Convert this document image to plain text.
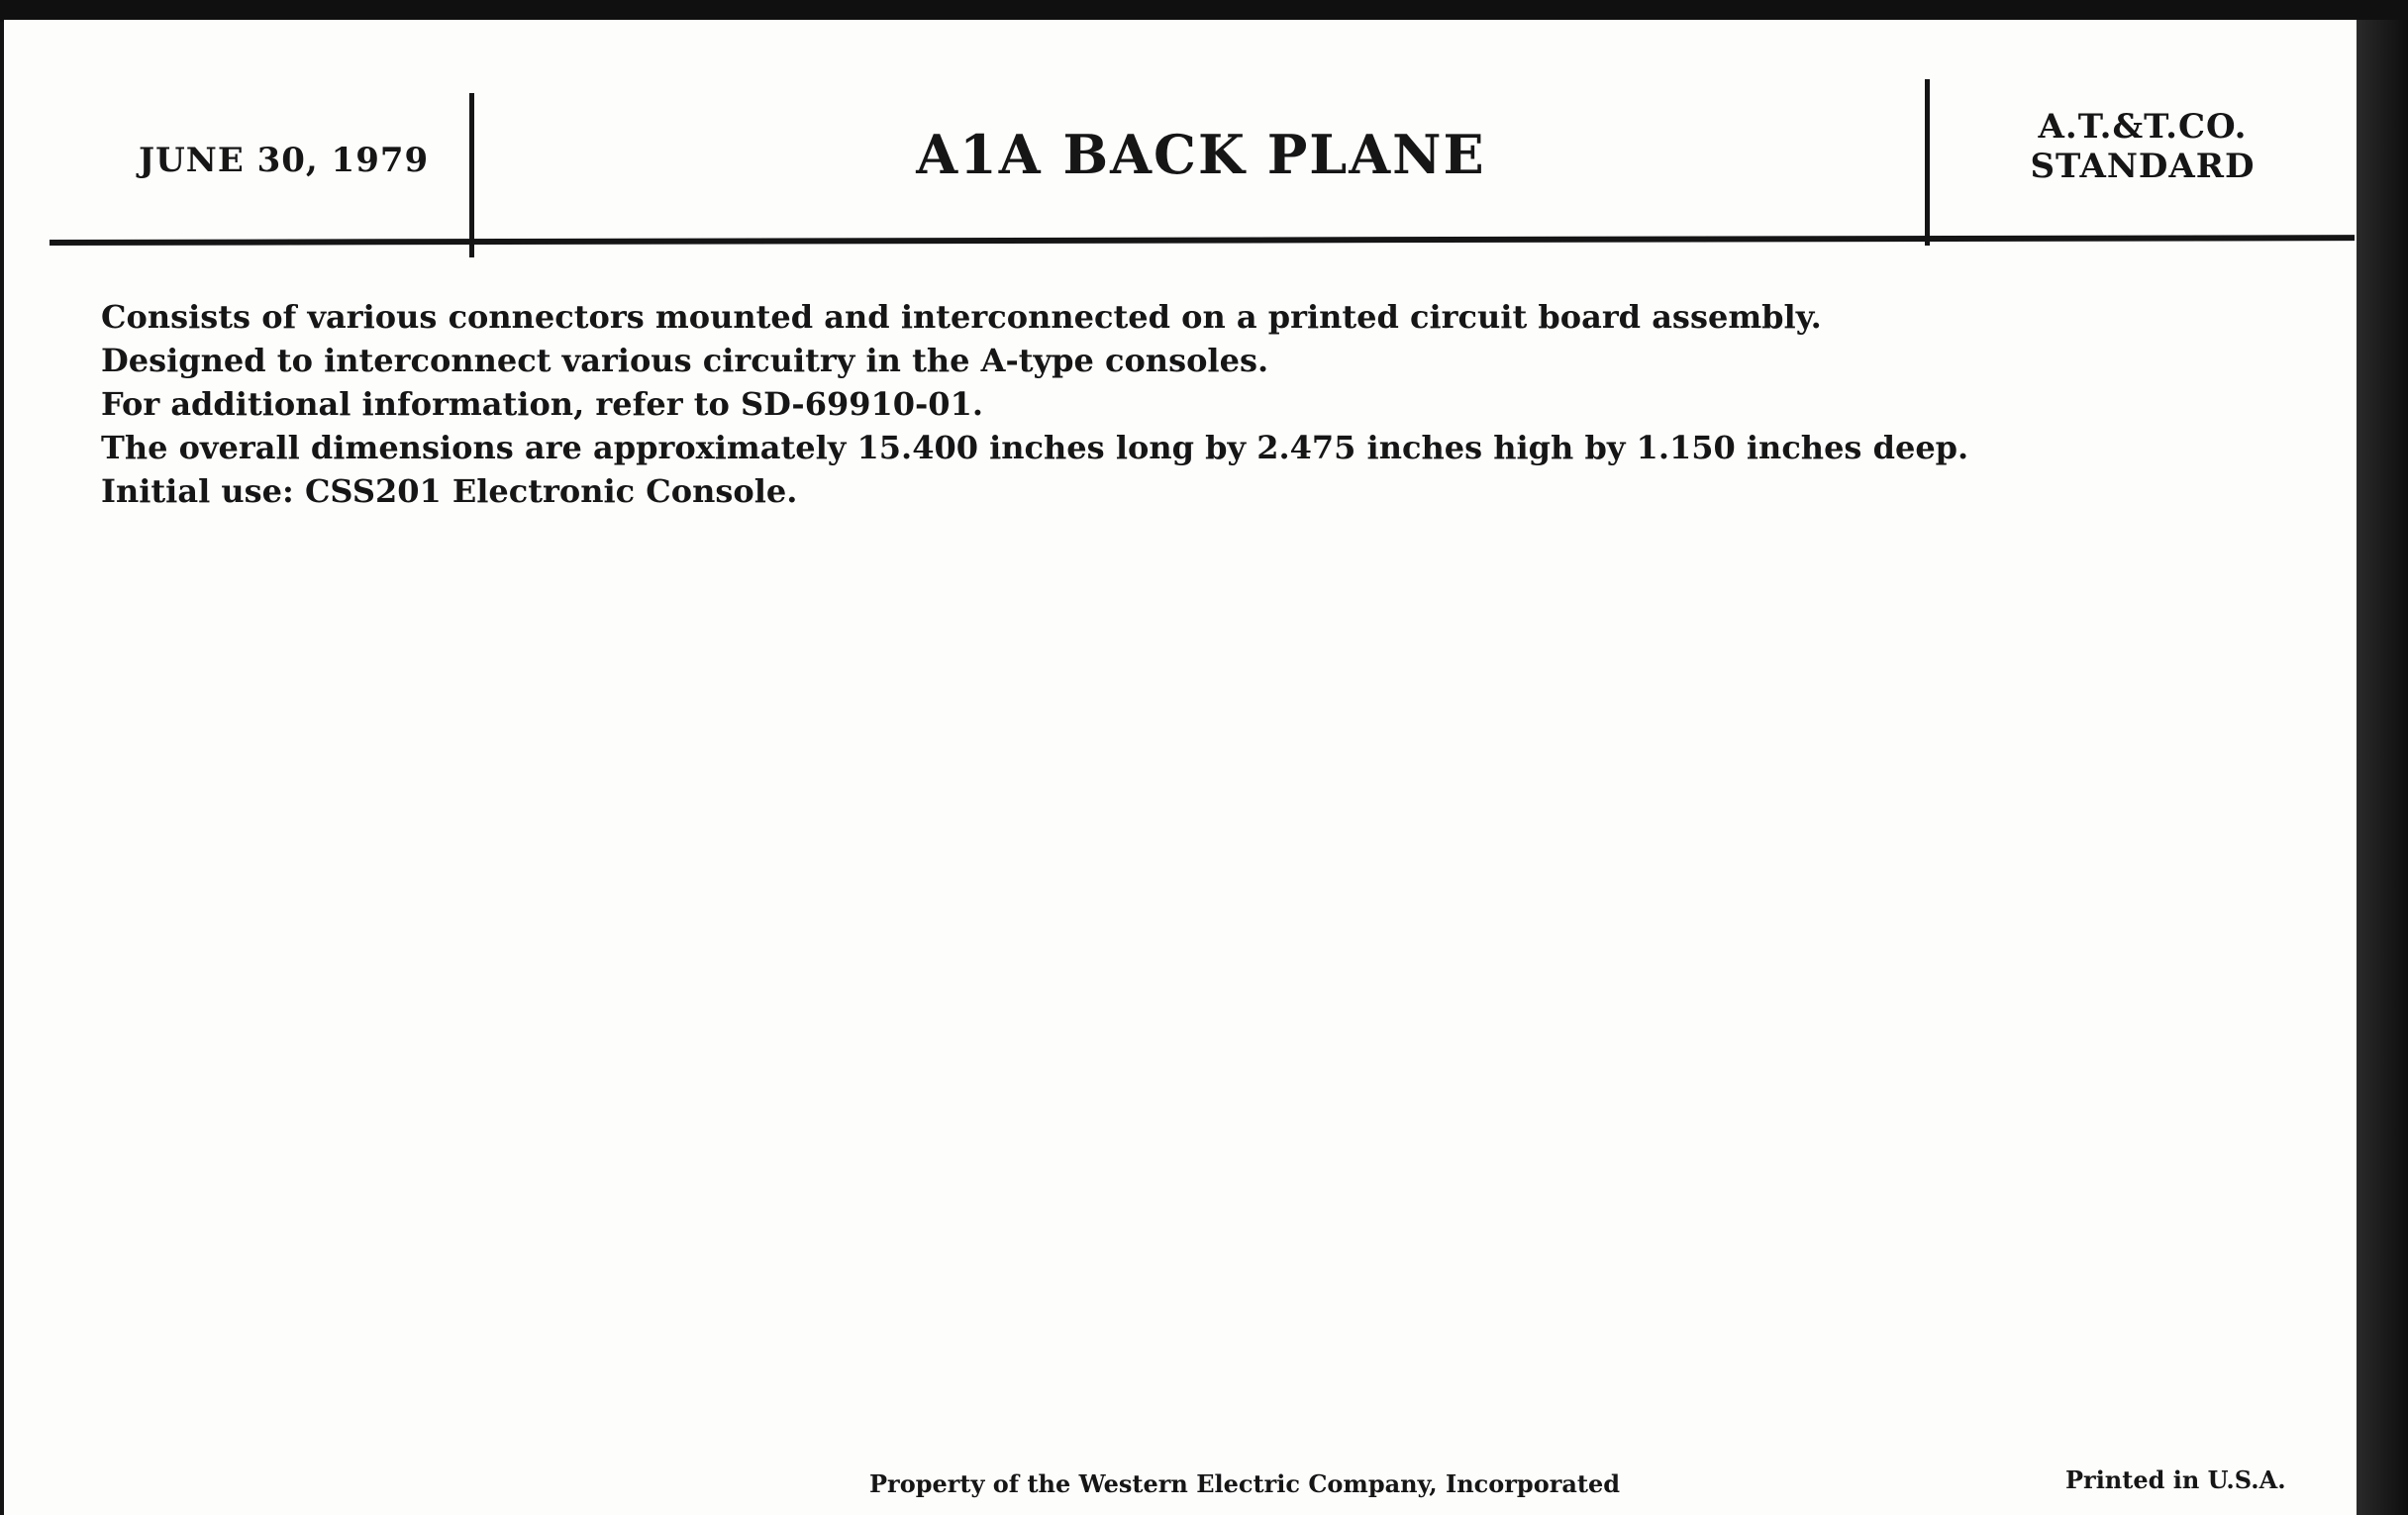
JUNE 30, 1979	A1A BACK PLANE	A.T.&T.CO.
STANDARD
Consists of various connectors mounted and interconnected on a printed circuit board assembly.
Designed to interconnect various circuitry in the A-type consoles.
For additional information, refer to SD-69910-01.
The overall dimensions are approximately 15.400 inches long by 2.475 inches high by 1.150 inches deep.
Initial use: CSS201 Electronic Console.
Property of the Western Electric Company, Incorporated	Printed in U.S.A.
